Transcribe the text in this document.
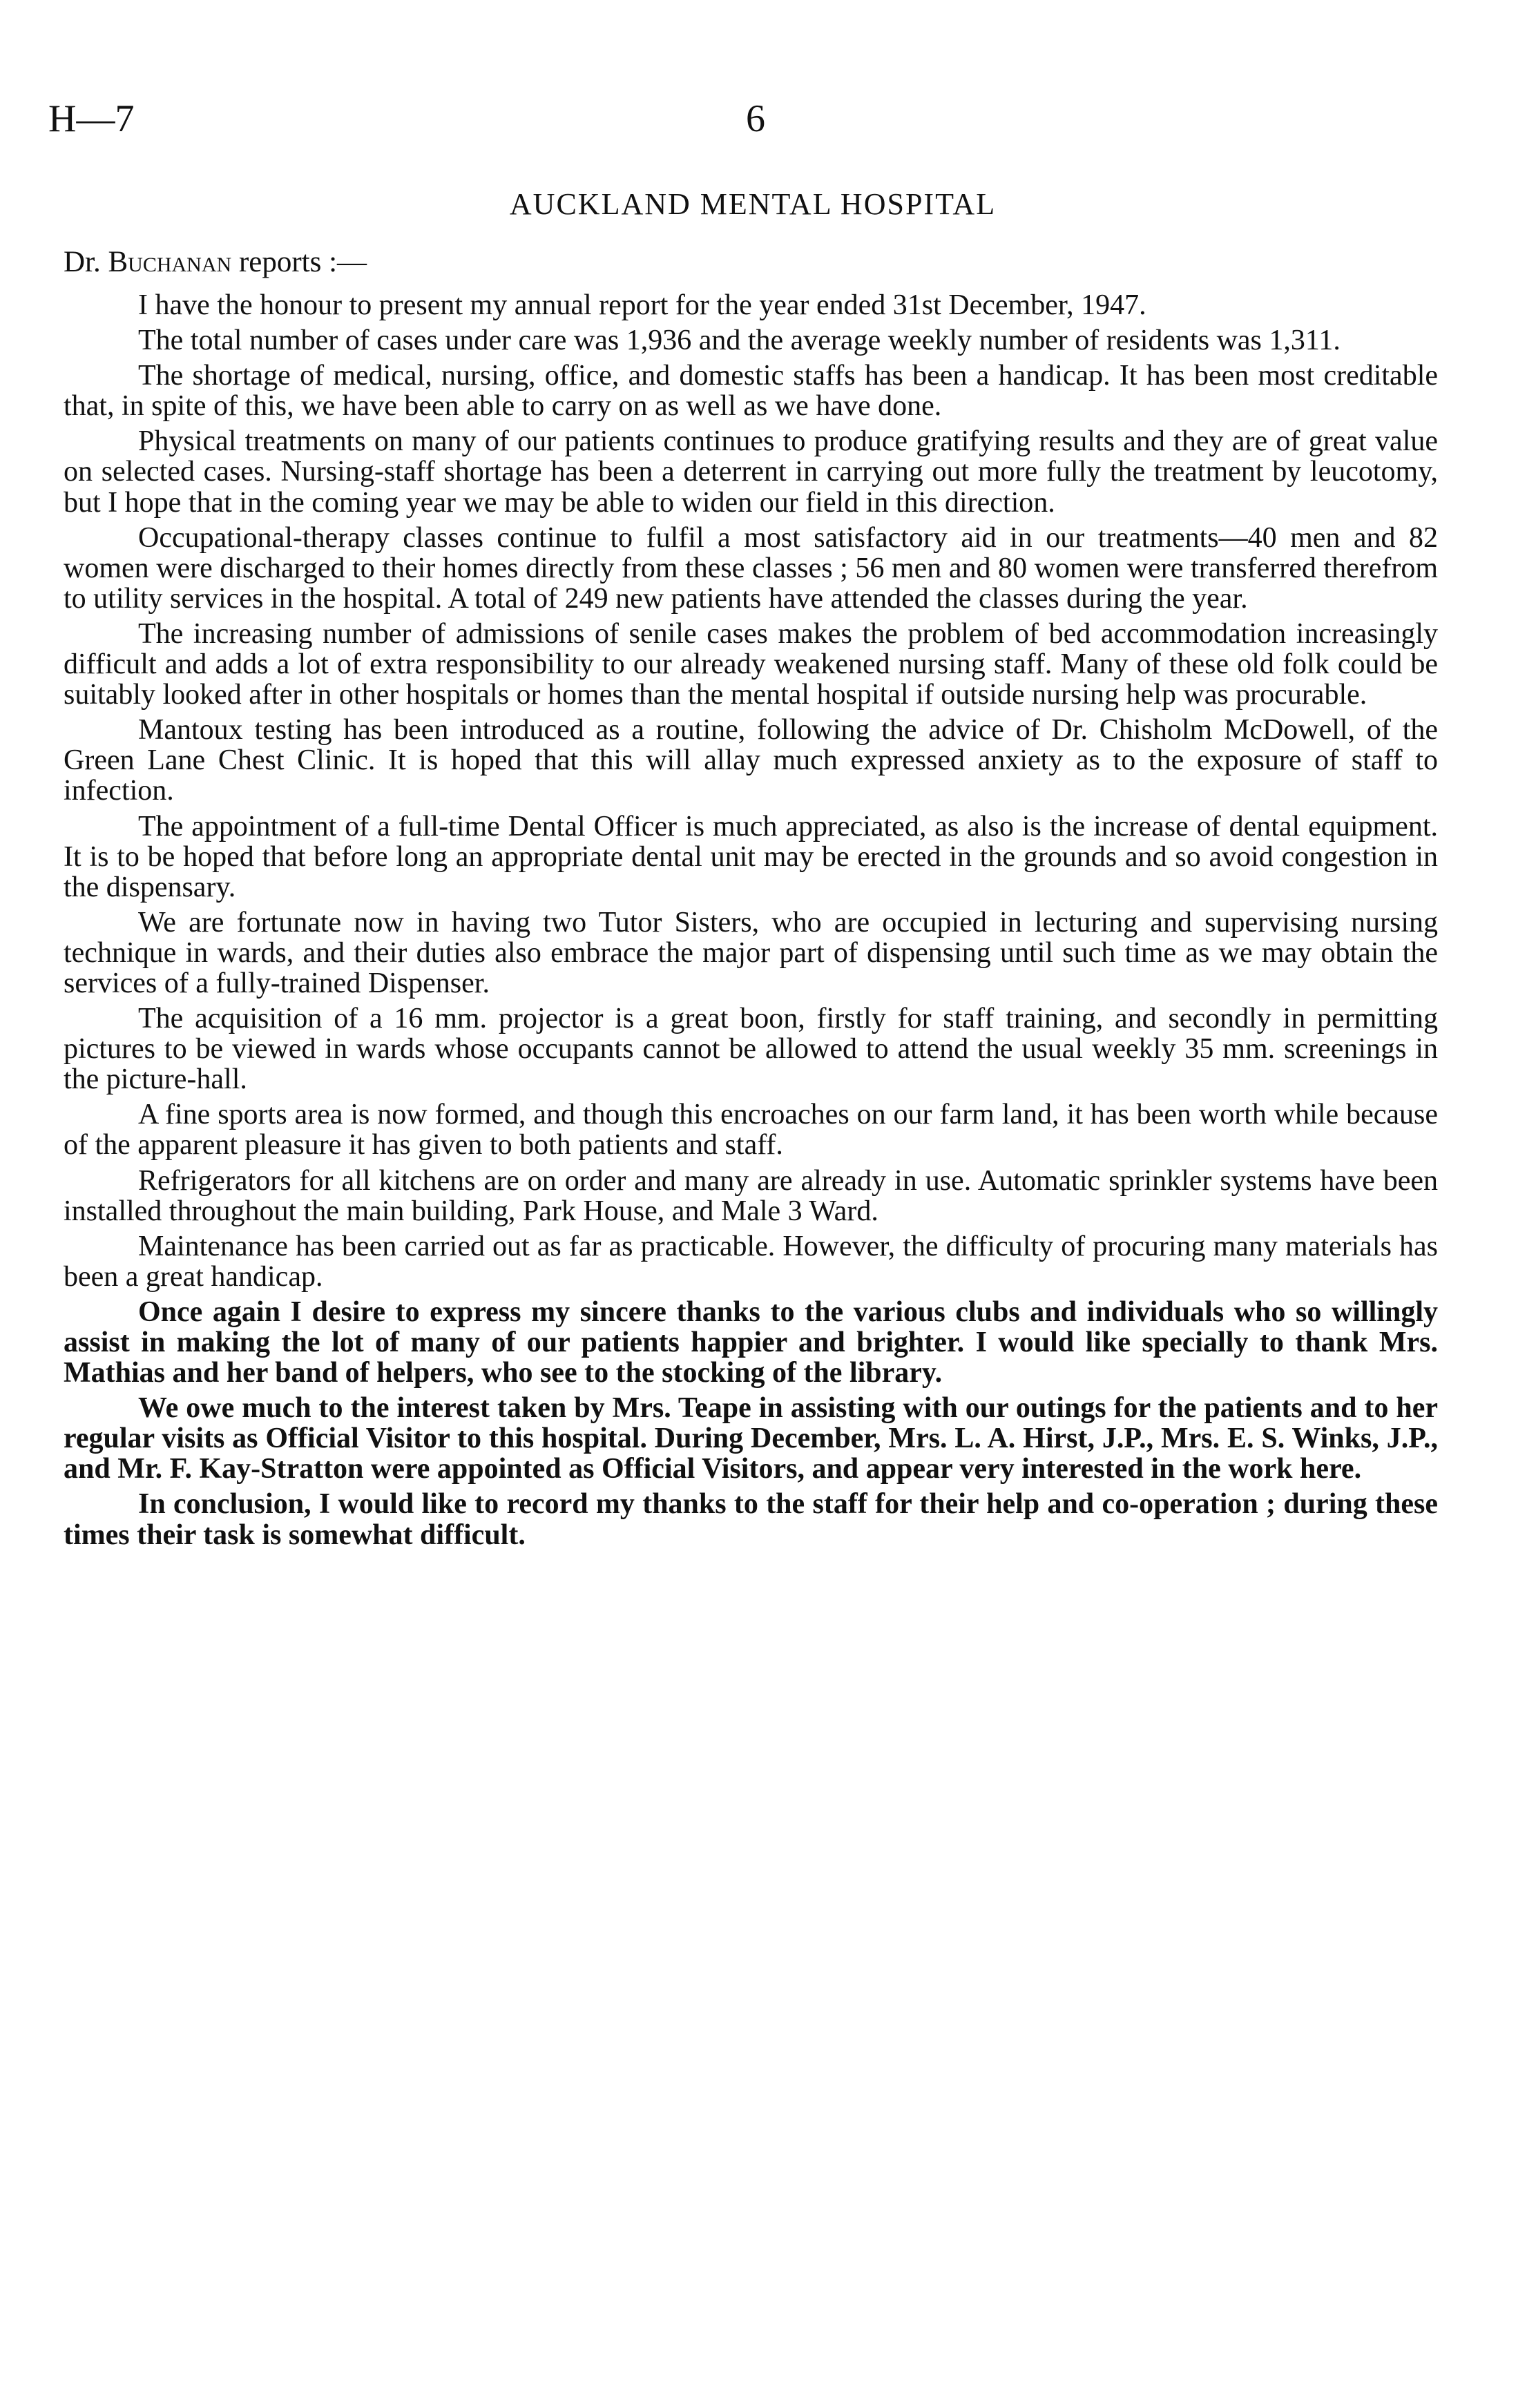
H—7	6
AUCKLAND MENTAL HOSPITAL
Dr. Buchanan reports :—

I have the honour to present my annual report for the year ended 31st December, 1947.

The total number of cases under care was 1,936 and the average weekly number of residents was 1,311.

The shortage of medical, nursing, office, and domestic staffs has been a handicap. It has been most creditable that, in spite of this, we have been able to carry on as well as we have done.

Physical treatments on many of our patients continues to produce gratifying results and they are of great value on selected cases. Nursing-staff shortage has been a deterrent in carrying out more fully the treatment by leucotomy, but I hope that in the coming year we may be able to widen our field in this direction.

Occupational-therapy classes continue to fulfil a most satisfactory aid in our treatments—40 men and 82 women were discharged to their homes directly from these classes ; 56 men and 80 women were transferred therefrom to utility services in the hospital. A total of 249 new patients have attended the classes during the year.

The increasing number of admissions of senile cases makes the problem of bed accommodation increasingly difficult and adds a lot of extra responsibility to our already weakened nursing staff. Many of these old folk could be suitably looked after in other hospitals or homes than the mental hospital if outside nursing help was procurable.

Mantoux testing has been introduced as a routine, following the advice of Dr. Chisholm McDowell, of the Green Lane Chest Clinic. It is hoped that this will allay much expressed anxiety as to the exposure of staff to infection.

The appointment of a full-time Dental Officer is much appreciated, as also is the increase of dental equipment. It is to be hoped that before long an appropriate dental unit may be erected in the grounds and so avoid congestion in the dispensary.

We are fortunate now in having two Tutor Sisters, who are occupied in lecturing and supervising nursing technique in wards, and their duties also embrace the major part of dispensing until such time as we may obtain the services of a fully-trained Dispenser.

The acquisition of a 16 mm. projector is a great boon, firstly for staff training, and secondly in permitting pictures to be viewed in wards whose occupants cannot be allowed to attend the usual weekly 35 mm. screenings in the picture-hall.

A fine sports area is now formed, and though this encroaches on our farm land, it has been worth while because of the apparent pleasure it has given to both patients and staff.

Refrigerators for all kitchens are on order and many are already in use. Automatic sprinkler systems have been installed throughout the main building, Park House, and Male 3 Ward.

Maintenance has been carried out as far as practicable. However, the difficulty of procuring many materials has been a great handicap.

Once again I desire to express my sincere thanks to the various clubs and individuals who so willingly assist in making the lot of many of our patients happier and brighter. I would like specially to thank Mrs. Mathias and her band of helpers, who see to the stocking of the library.

We owe much to the interest taken by Mrs. Teape in assisting with our outings for the patients and to her regular visits as Official Visitor to this hospital. During December, Mrs. L. A. Hirst, J.P., Mrs. E. S. Winks, J.P., and Mr. F. Kay-Stratton were appointed as Official Visitors, and appear very interested in the work here.

In conclusion, I would like to record my thanks to the staff for their help and co-operation ; during these times their task is somewhat difficult.
